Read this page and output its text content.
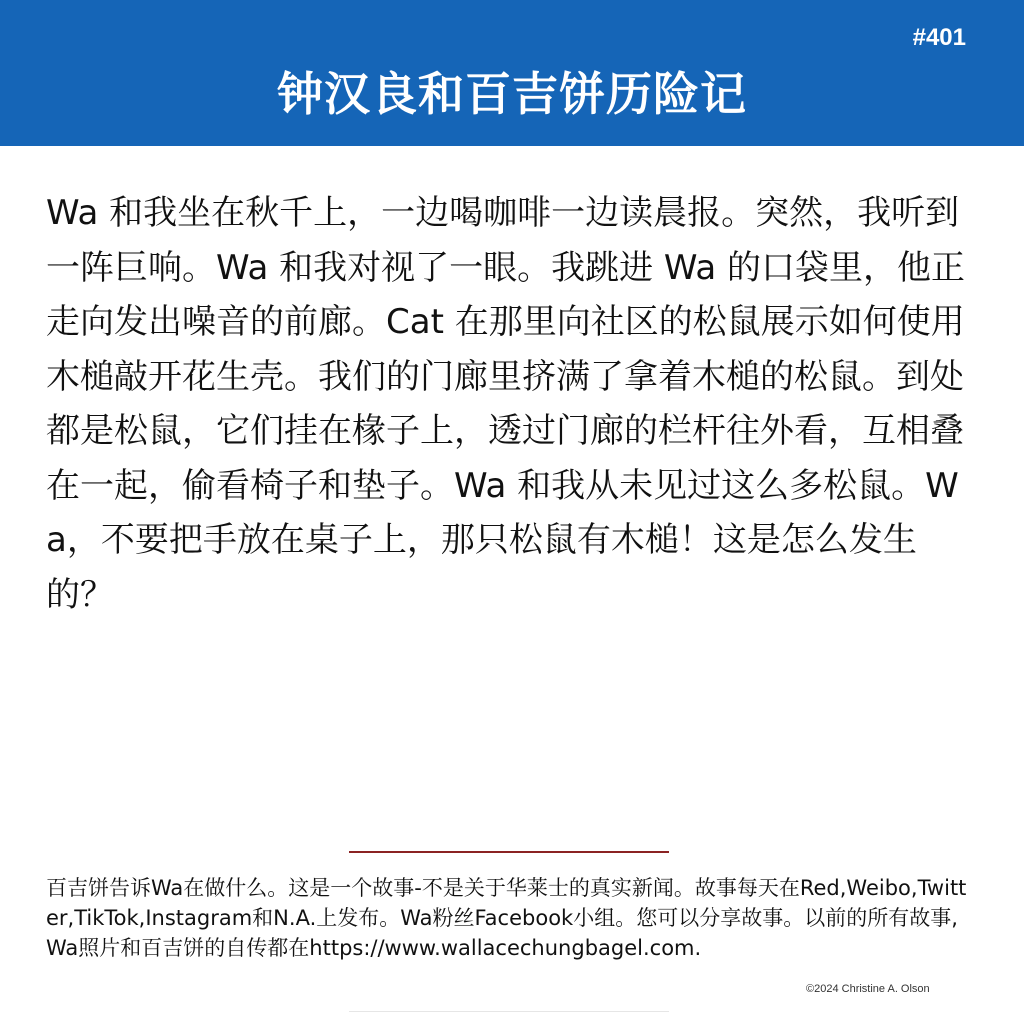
#401
钟汉良和百吉饼历险记
Wa 和我坐在秋千上，一边喝咖啡一边读晨报。突然，我听到一阵巨响。Wa 和我对视了一眼。我跳进 Wa 的口袋里，他正走向发出噪音的前廊。Cat 在那里向社区的松鼠展示如何使用木槌敲开花生壳。我们的门廊里挤满了拿着木槌的松鼠。到处都是松鼠，它们挂在椽子上，透过门廊的栏杆往外看，互相叠在一起，偷看椅子和垫子。Wa 和我从未见过这么多松鼠。Wa，不要把手放在桌子上，那只松鼠有木槌！这是怎么发生的？
百吉饼告诉Wa在做什么。这是一个故事-不是关于华莱士的真实新闻。故事每天在Red,Weibo,Twitter,TikTok,Instagram和N.A.上发布。Wa粉丝Facebook小组。您可以分享故事。以前的所有故事,Wa照片和百吉饼的自传都在https://www.wallacechungbagel.com.
©2024 Christine A. Olson
